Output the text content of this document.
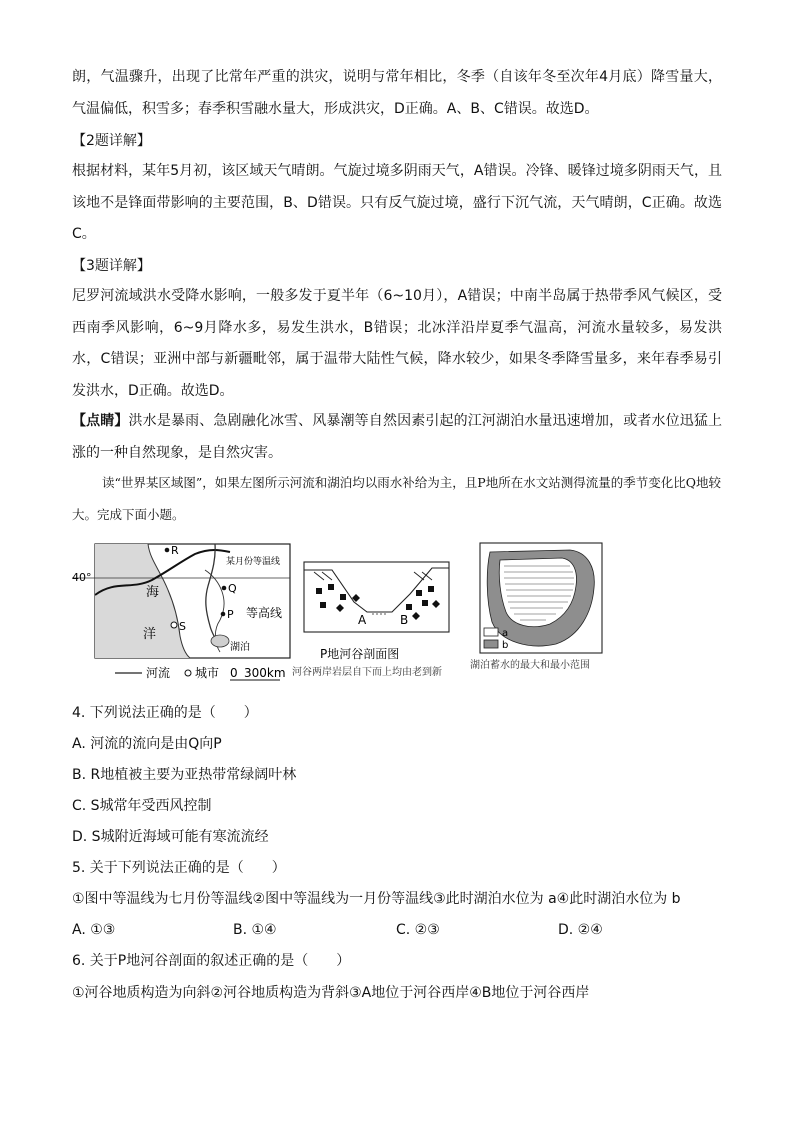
朗，气温骤升，出现了比常年严重的洪灾，说明与常年相比，冬季（自该年冬至次年4月底）降雪量大，气温偏低，积雪多；春季积雪融水量大，形成洪灾，D正确。A、B、C错误。故选D。

【2题详解】

根据材料，某年5月初，该区域天气晴朗。气旋过境多阴雨天气，A错误。冷锋、暖锋过境多阴雨天气，且该地不是锋面带影响的主要范围，B、D错误。只有反气旋过境，盛行下沉气流，天气晴朗，C正确。故选C。

【3题详解】

尼罗河流域洪水受降水影响，一般多发于夏半年（6~10月），A错误；中南半岛属于热带季风气候区，受西南季风影响，6~9月降水多，易发生洪水，B错误；北冰洋沿岸夏季气温高，河流水量较多，易发洪水，C错误；亚洲中部与新疆毗邻，属于温带大陆性气候，降水较少，如果冬季降雪量多，来年春季易引发洪水，D正确。故选D。

【点睛】洪水是暴雨、急剧融化冰雪、风暴潮等自然因素引起的江河湖泊水量迅速增加，或者水位迅猛上涨的一种自然现象，是自然灾害。

读“世界某区域图”，如果左图所示河流和湖泊均以雨水补给为主，且P地所在水文站测得流量的季节变化比Q地较大。完成下面小题。

40°
某月份等温线
等高线
海
洋
R
Q
P
S
湖泊
河流 城市 0 300km
A	B
P地河谷剖面图
河谷两岸岩层自下而上均由老到新
a
b
湖泊蓄水的最大和最小范围
4. 下列说法正确的是（　　）
A. 河流的流向是由Q向P
B. R地植被主要为亚热带常绿阔叶林
C. S城常年受西风控制
D. S城附近海域可能有寒流流经
5. 关于下列说法正确的是（　　）
①图中等温线为七月份等温线②图中等温线为一月份等温线③此时湖泊水位为 a④此时湖泊水位为 b
A. ①③	B. ①④	C. ②③	D. ②④
6. 关于P地河谷剖面的叙述正确的是（　　）
①河谷地质构造为向斜②河谷地质构造为背斜③A地位于河谷西岸④B地位于河谷西岸
